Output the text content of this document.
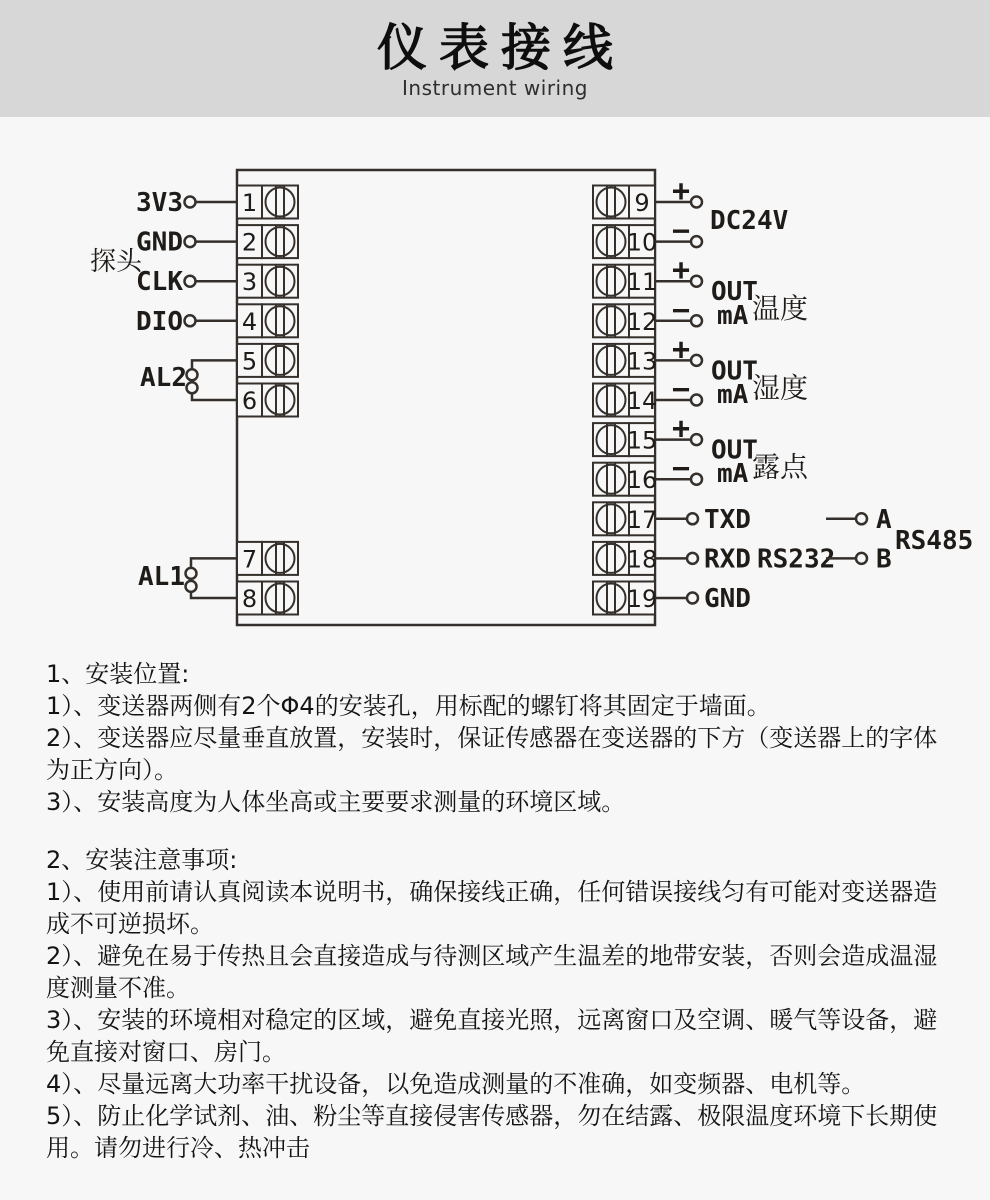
仪表接线

Instrument wiring

1
2
3
4
5
6
7
8
9
10
11
12
13
14
15
16
17
18
19
探头
3V3
GND
CLK
DIO
AL2
AL1
+
− DC24V
+
−
OUT
mA 温度
+
−
OUT
mA 湿度
+
−
OUT
mA 露点
TXD
RXD RS232
GND
A
B
RS485

1、安装位置:

1）、变送器两侧有2个Φ4的安装孔，用标配的螺钉将其固定于墙面。

2）、变送器应尽量垂直放置，安装时，保证传感器在变送器的下方（变送器上的字体为正方向）。

3）、安装高度为人体坐高或主要要求测量的环境区域。

2、安装注意事项:

1）、使用前请认真阅读本说明书，确保接线正确，任何错误接线匀有可能对变送器造成不可逆损坏。

2）、避免在易于传热且会直接造成与待测区域产生温差的地带安装，否则会造成温湿度测量不准。

3）、安装的环境相对稳定的区域，避免直接光照，远离窗口及空调、暖气等设备，避免直接对窗口、房门。

4）、尽量远离大功率干扰设备，以免造成测量的不准确，如变频器、电机等。

5）、防止化学试剂、油、粉尘等直接侵害传感器，勿在结露、极限温度环境下长期使用。请勿进行冷、热冲击
